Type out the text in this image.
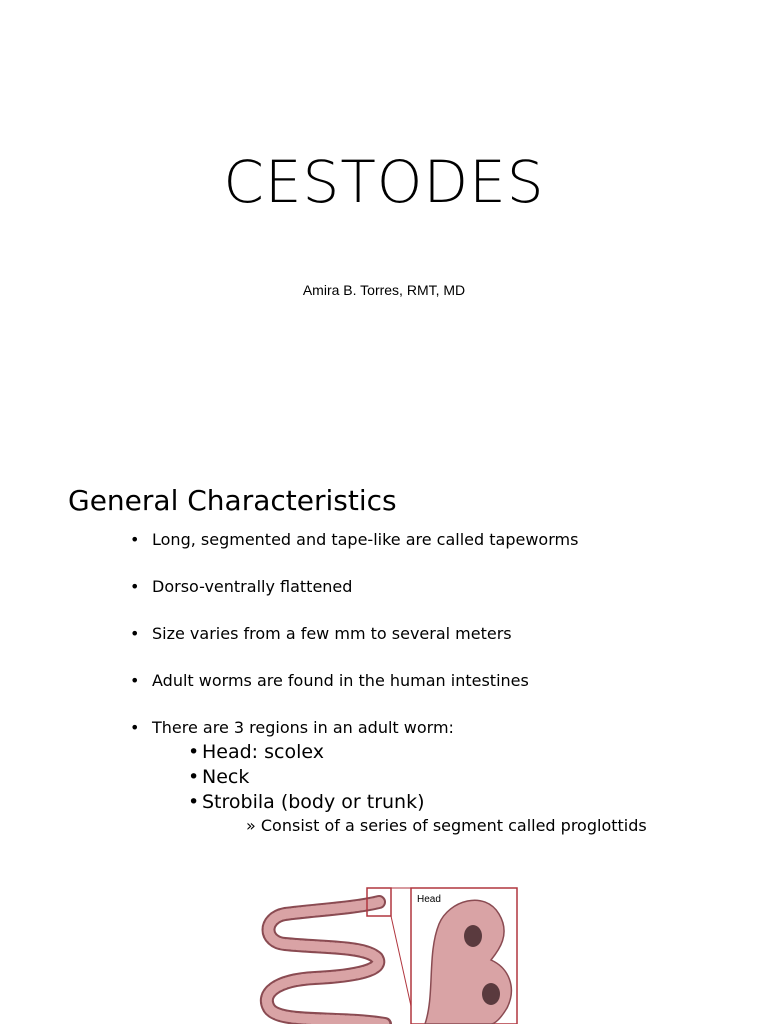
CESTODES
Amira B. Torres, RMT, MD
General Characteristics
• Long, segmented and tape-like are called tapeworms
• Dorso-ventrally flattened
• Size varies from a few mm to several meters
• Adult worms are found in the human intestines
• There are 3 regions in an adult worm:
• Head: scolex
• Neck
• Strobila (body or trunk)
» Consist of a series of segment called proglottids
Head
